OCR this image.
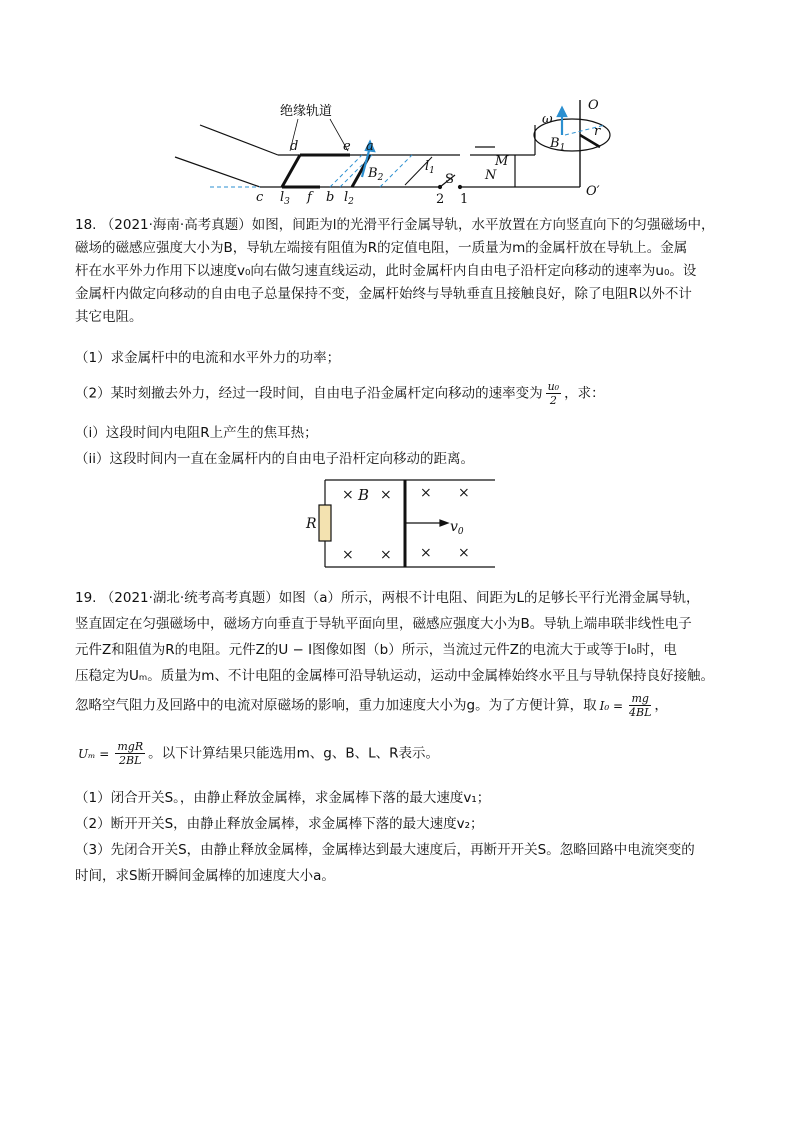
d	e a
c	f b
$l_3$	$l_2$
$l_1$
$B_2$
$B_1$
M
N
S
2 1
O
O′
ω
r
绝缘轨道
18. （2021·海南·高考真题）如图，间距为l的光滑平行金属导轨，水平放置在方向竖直向下的匀强磁场中，
磁场的磁感应强度大小为B，导轨左端接有阻值为R的定值电阻，一质量为m的金属杆放在导轨上。金属
杆在水平外力作用下以速度v₀向右做匀速直线运动，此时金属杆内自由电子沿杆定向移动的速率为u₀。设
金属杆内做定向移动的自由电子总量保持不变，金属杆始终与导轨垂直且接触良好，除了电阻R以外不计
其它电阻。
（1）求金属杆中的电流和水平外力的功率；
（2）某时刻撤去外力，经过一段时间，自由电子沿金属杆定向移动的速率变为 $\frac{\text{u₀}}{2}$ ，求：
（i）这段时间内电阻R上产生的焦耳热；
（ii）这段时间内一直在金属杆内的自由电子沿杆定向移动的距离。
R
B
$v_0$
× × × ×
× × × ×
19. （2021·湖北·统考高考真题）如图（a）所示，两根不计电阻、间距为L的足够长平行光滑金属导轨，
竖直固定在匀强磁场中，磁场方向垂直于导轨平面向里，磁感应强度大小为B。导轨上端串联非线性电子
元件Z和阻值为R的电阻。元件Z的U − I图像如图（b）所示，当流过元件Z的电流大于或等于I₀时，电
压稳定为Uₘ。质量为m、不计电阻的金属棒可沿导轨运动，运动中金属棒始终水平且与导轨保持良好接触。
忽略空气阻力及回路中的电流对原磁场的影响，重力加速度大小为g。为了方便计算，取 $I_0 = \frac{mg}{4BL}$ ，
$U_m = \frac{\text{mgR}}{2BL}$ 。以下计算结果只能选用m、g、B、L、R表示。
（1）闭合开关S。，由静止释放金属棒，求金属棒下落的最大速度v₁；
（2）断开开关S，由静止释放金属棒，求金属棒下落的最大速度v₂；
（3）先闭合开关S，由静止释放金属棒，金属棒达到最大速度后，再断开开关S。忽略回路中电流突变的
时间，求S断开瞬间金属棒的加速度大小a。
